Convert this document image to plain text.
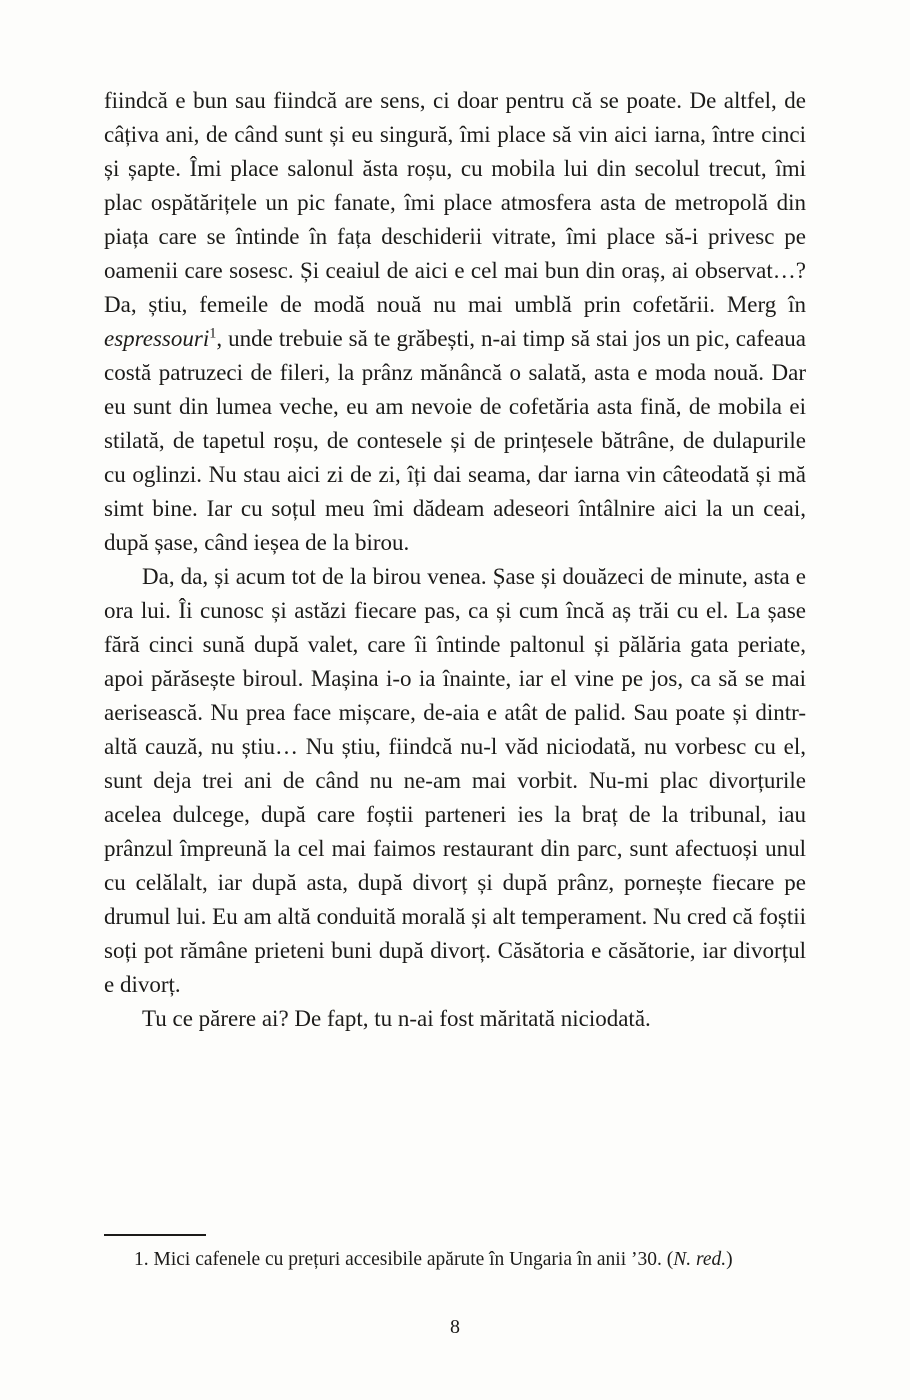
fiindcă e bun sau fiindcă are sens, ci doar pentru că se poate. De altfel, de câțiva ani, de când sunt și eu singură, îmi place să vin aici iarna, între cinci și șapte. Îmi place salonul ăsta roșu, cu mobila lui din secolul trecut, îmi plac ospătărițele un pic fanate, îmi place atmosfera asta de metropolă din piața care se întinde în fața deschiderii vitrate, îmi place să-i privesc pe oamenii care sosesc. Și ceaiul de aici e cel mai bun din oraș, ai observat…? Da, știu, femeile de modă nouă nu mai umblă prin cofetării. Merg în espressouri$^1$, unde trebuie să te grăbești, n-ai timp să stai jos un pic, cafeaua costă patruzeci de fileri, la prânz mănâncă o salată, asta e moda nouă. Dar eu sunt din lumea veche, eu am nevoie de cofetăria asta fină, de mobila ei stilată, de tapetul roșu, de contesele și de prințesele bătrâne, de dulapurile cu oglinzi. Nu stau aici zi de zi, îți dai seama, dar iarna vin câteodată și mă simt bine. Iar cu soțul meu îmi dădeam adeseori întâlnire aici la un ceai, după șase, când ieșea de la birou.

Da, da, și acum tot de la birou venea. Șase și douăzeci de minute, asta e ora lui. Îi cunosc și astăzi fiecare pas, ca și cum încă aș trăi cu el. La șase fără cinci sună după valet, care îi întinde paltonul și pălăria gata periate, apoi părăsește biroul. Mașina i-o ia înainte, iar el vine pe jos, ca să se mai aerisească. Nu prea face mișcare, de-aia e atât de palid. Sau poate și dintr-altă cauză, nu știu… Nu știu, fiindcă nu-l văd niciodată, nu vorbesc cu el, sunt deja trei ani de când nu ne-am mai vorbit. Nu-mi plac divorțurile acelea dulcege, după care foștii parteneri ies la braț de la tribunal, iau prânzul împreună la cel mai faimos restaurant din parc, sunt afectuoși unul cu celălalt, iar după asta, după divorț și după prânz, pornește fiecare pe drumul lui. Eu am altă conduită morală și alt temperament. Nu cred că foștii soți pot rămâne prieteni buni după divorț. Căsătoria e căsătorie, iar divorțul e divorț.

Tu ce părere ai? De fapt, tu n-ai fost măritată niciodată.

1. Mici cafenele cu prețuri accesibile apărute în Ungaria în anii ’30. (N. red.)
8
